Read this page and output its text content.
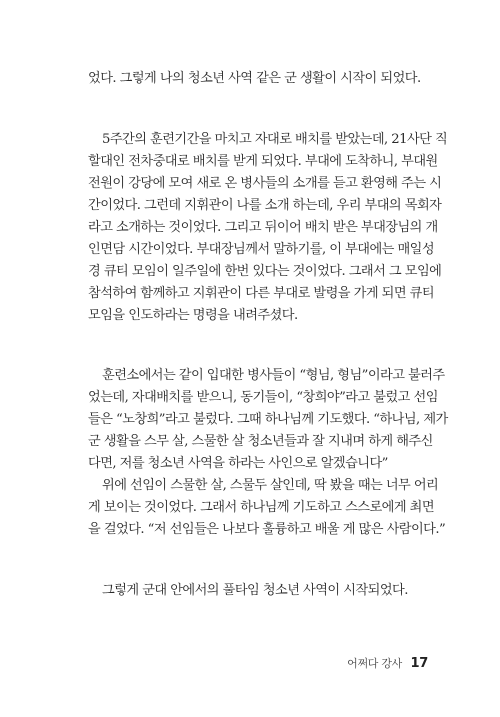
었다. 그렇게 나의 청소년 사역 같은 군 생활이 시작이 되었다.
5주간의 훈련기간을 마치고 자대로 배치를 받았는데, 21사단 직
할대인 전차중대로 배치를 받게 되었다. 부대에 도착하니, 부대원
전원이 강당에 모여 새로 온 병사들의 소개를 듣고 환영해 주는 시
간이었다. 그런데 지휘관이 나를 소개 하는데, 우리 부대의 목회자
라고 소개하는 것이었다. 그리고 뒤이어 배치 받은 부대장님의 개
인면담 시간이었다. 부대장님께서 말하기를, 이 부대에는 매일성
경 큐티 모임이 일주일에 한번 있다는 것이었다. 그래서 그 모임에
참석하여 함께하고 지휘관이 다른 부대로 발령을 가게 되면 큐티
모임을 인도하라는 명령을 내려주셨다.
훈련소에서는 같이 입대한 병사들이 “형님, 형님”이라고 불러주
었는데, 자대배치를 받으니, 동기들이, “창희야”라고 불렀고 선임
들은 “노창희”라고 불렀다. 그때 하나님께 기도했다. “하나님, 제가
군 생활을 스무 살, 스물한 살 청소년들과 잘 지내며 하게 해주신
다면, 저를 청소년 사역을 하라는 사인으로 알겠습니다”
위에 선임이 스물한 살, 스물두 살인데, 딱 봤을 때는 너무 어리
게 보이는 것이었다. 그래서 하나님께 기도하고 스스로에게 최면
을 걸었다. “저 선임들은 나보다 훌륭하고 배울 게 많은 사람이다.”
그렇게 군대 안에서의 풀타임 청소년 사역이 시작되었다.
어쩌다 강사 17
